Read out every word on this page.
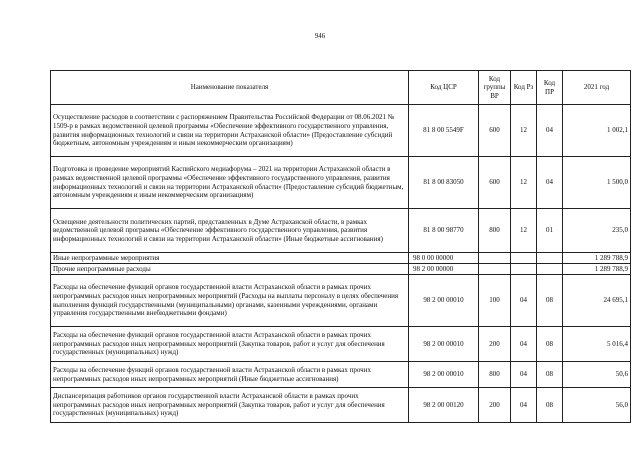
946
Наименование показателя	Код ЦСР	Код группы ВР	Код Рз	Код ПР	2021 год
Осуществление расходов в соответствии с распоряжением Правительства Российской Федерации от 08.06.2021 № 1509-р в рамках ведомственной целевой программы «Обеспечение эффективного государственного управления, развития информационных технологий и связи на территории Астраханской области» (Предоставление субсидий бюджетным, автономным учреждениям и иным некоммерческим организациям)	81 8 00 5549F	600	12	04	1 002,1
Подготовка и проведение мероприятий Каспийского медиафорума – 2021 на территории Астраханской области в рамках ведомственной целевой программы «Обеспечение эффективного государственного управления, развития информационных технологий и связи на территории Астраханской области» (Предоставление субсидий бюджетным, автономным учреждениям и иным некоммерческим организациям)	81 8 00 83050	600	12	04	1 500,0
Освещение деятельности политических партий, представленных в Думе Астраханской области, в рамках ведомственной целевой программы «Обеспечение эффективного государственного управления, развития информационных технологий и связи на территории Астраханской области» (Иные бюджетные ассигнования)	81 8 00 98770	800	12	01	235,0
Иные непрограммные мероприятия	98 0 00 00000				1 289 788,9
Прочие непрограммные расходы	98 2 00 00000				1 289 788,9
Расходы на обеспечение функций органов государственной власти Астраханской области в рамках прочих непрограммных расходов иных непрограммных мероприятий (Расходы на выплаты персоналу в целях обеспечения выполнения функций государственными (муниципальными) органами, казенными учреждениями, органами управления государственными внебюджетными фондами)	98 2 00 00010	100	04	08	24 695,1
Расходы на обеспечение функций органов государственной власти Астраханской области в рамках прочих непрограммных расходов иных непрограммных мероприятий (Закупка товаров, работ и услуг для обеспечения государственных (муниципальных) нужд)	98 2 00 00010	200	04	08	5 016,4
Расходы на обеспечение функций органов государственной власти Астраханской области в рамках прочих непрограммных расходов иных непрограммных мероприятий (Иные бюджетные ассигнования)	98 2 00 00010	800	04	08	50,6
Диспансеризация работников органов государственной власти Астраханской области в рамках прочих непрограммных расходов иных непрограммных мероприятий (Закупка товаров, работ и услуг для обеспечения государственных (муниципальных) нужд)	98 2 00 00120	200	04	08	56,0
